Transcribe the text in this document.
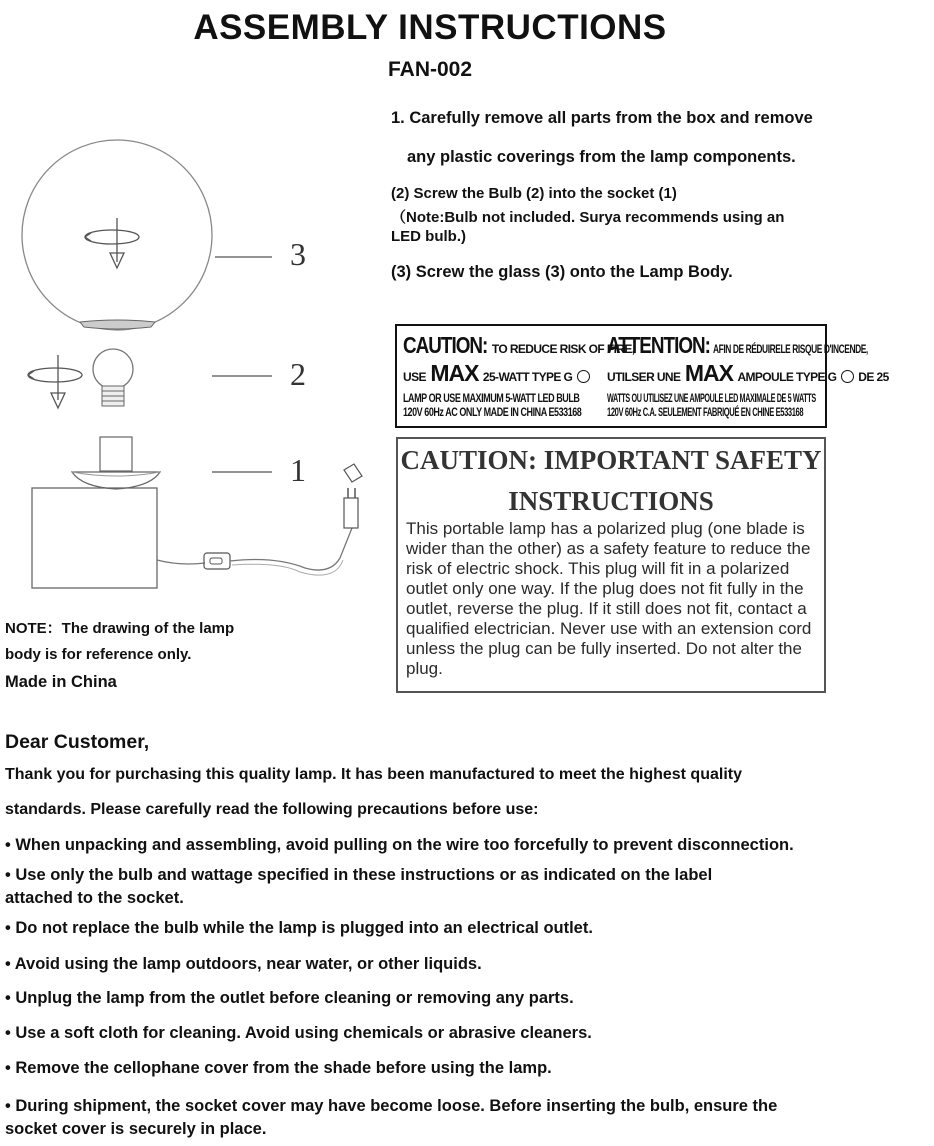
ASSEMBLY INSTRUCTIONS
FAN-002
3
2
1
1. Carefully remove all parts from the box and remove
any plastic coverings from the lamp components.
(2) Screw the Bulb (2) into the socket (1)
（Note:Bulb not included. Surya recommends using an
LED bulb.)
(3) Screw the glass (3) onto the Lamp Body.
CAUTION: TO REDUCE RISK OF FIRE,
USE MAX 25-WATT TYPE G
LAMP OR USE MAXIMUM 5-WATT LED BULB
120V 60Hz AC ONLY MADE IN CHINA E533168
ATTENTION: AFIN DE RÉDUIRELE RISQUE D'INCENDE,
UTILSER UNE MAX AMPOULE TYPE G DE 25
WATTS OU UTILISEZ UNE AMPOULE LED MAXIMALE DE 5 WATTS
120V 60Hz C.A. SEULEMENT FABRIQUÉ EN CHINE E533168
CAUTION: IMPORTANT SAFETY
INSTRUCTIONS
This portable lamp has a polarized plug (one blade is wider than the other) as a safety feature to reduce the risk of electric shock. This plug will fit in a polarized outlet only one way. If the plug does not fit fully in the outlet, reverse the plug. If it still does not fit, contact a qualified electrician. Never use with an extension cord unless the plug can be fully inserted. Do not alter the plug.
NOTE：The drawing of the lamp
body is for reference only.
Made in China
Dear Customer,
Thank you for purchasing this quality lamp. It has been manufactured to meet the highest quality
standards. Please carefully read the following precautions before use:
• When unpacking and assembling, avoid pulling on the wire too forcefully to prevent disconnection.
• Use only the bulb and wattage specified in these instructions or as indicated on the label
attached to the socket.
• Do not replace the bulb while the lamp is plugged into an electrical outlet.
• Avoid using the lamp outdoors, near water, or other liquids.
• Unplug the lamp from the outlet before cleaning or removing any parts.
• Use a soft cloth for cleaning. Avoid using chemicals or abrasive cleaners.
• Remove the cellophane cover from the shade before using the lamp.
• During shipment, the socket cover may have become loose. Before inserting the bulb, ensure the
socket cover is securely in place.
